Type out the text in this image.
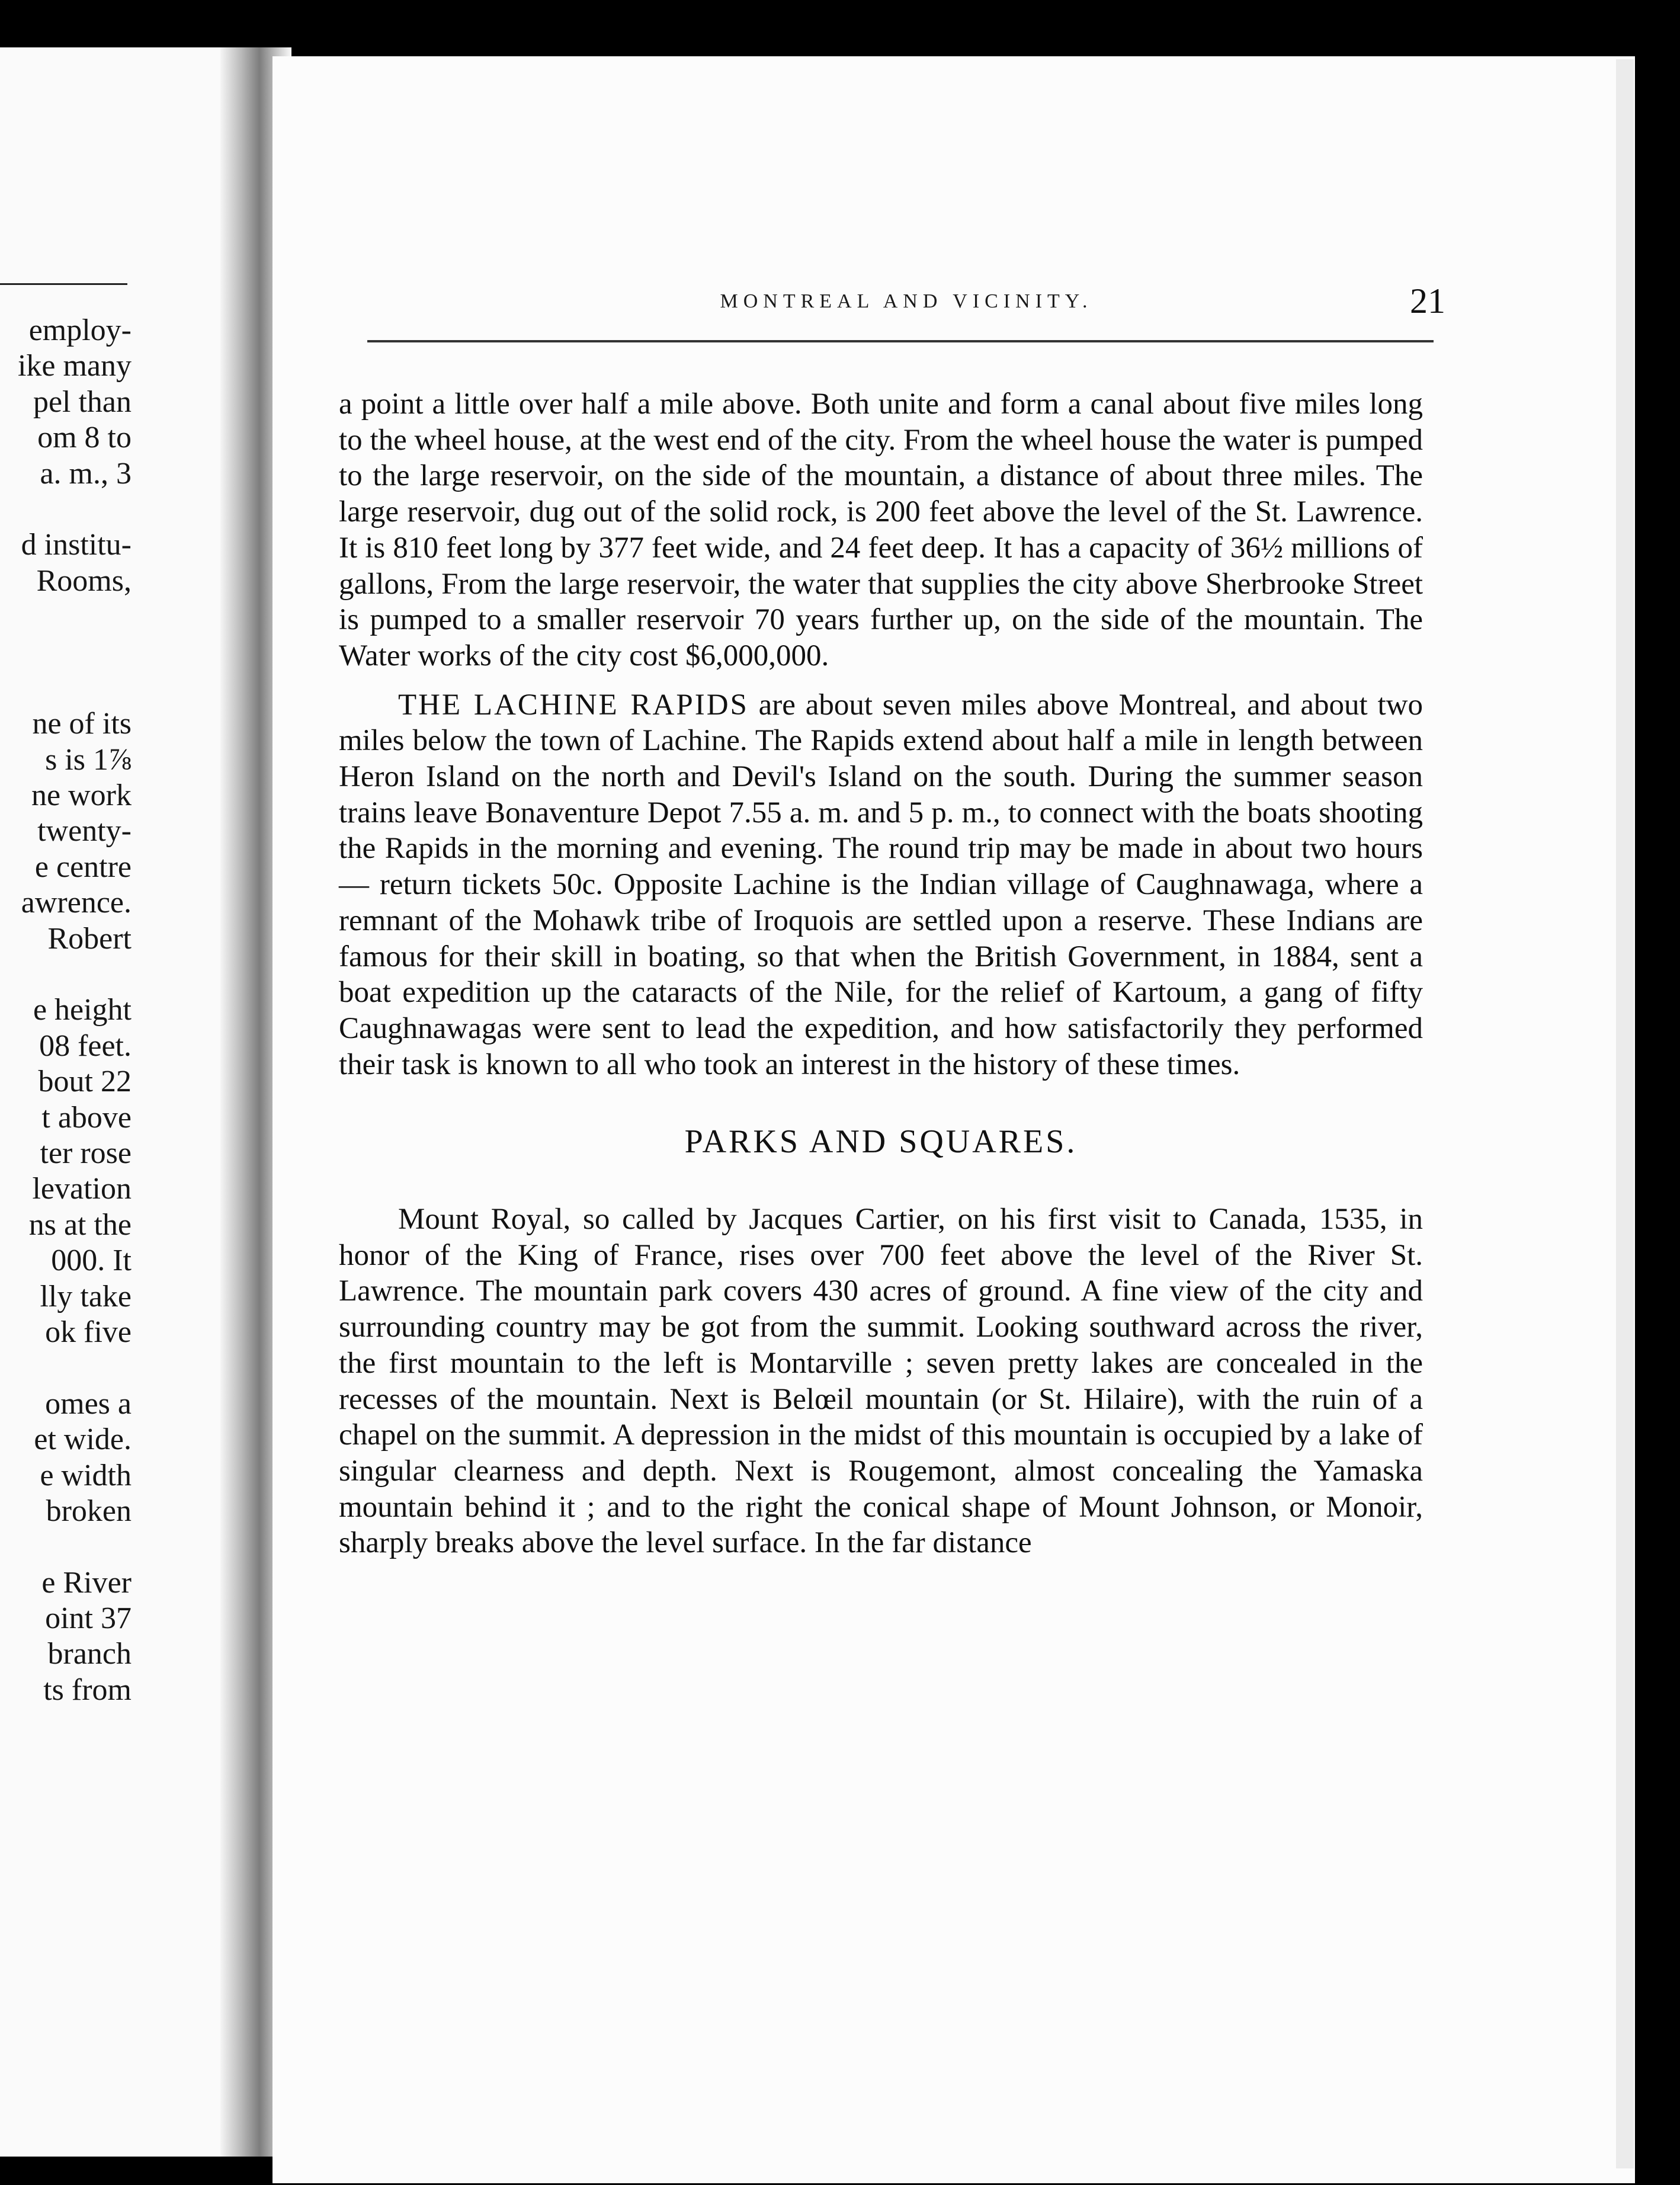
employ-
ike many
pel than
om 8 to
a. m., 3
d institu-
Rooms,
ne of its
s is 1⅞
ne work
twenty-
e centre
awrence.
Robert
e height
08 feet.
bout 22
t above
ter rose
levation
ns at the
000. It
lly take
ok five
omes a
et wide.
e width
broken
e River
oint 37
branch
ts from
MONTREAL AND VICINITY.	21

a point a little over half a mile above. Both unite and form a canal about five miles long to the wheel house, at the west end of the city. From the wheel house the water is pumped to the large reservoir, on the side of the mountain, a distance of about three miles. The large reservoir, dug out of the solid rock, is 200 feet above the level of the St. Lawrence. It is 810 feet long by 377 feet wide, and 24 feet deep. It has a capacity of 36½ millions of gallons, From the large reservoir, the water that supplies the city above Sherbrooke Street is pumped to a smaller reservoir 70 years further up, on the side of the mountain. The Water works of the city cost $6,000,000.

THE LACHINE RAPIDS are about seven miles above Montreal, and about two miles below the town of Lachine. The Rapids extend about half a mile in length between Heron Island on the north and Devil's Island on the south. During the summer season trains leave Bonaventure Depot 7.55 a. m. and 5 p. m., to connect with the boats shooting the Rapids in the morning and evening. The round trip may be made in about two hours — return tickets 50c. Opposite Lachine is the Indian village of Caughnawaga, where a remnant of the Mohawk tribe of Iroquois are settled upon a reserve. These Indians are famous for their skill in boating, so that when the British Government, in 1884, sent a boat expedition up the cataracts of the Nile, for the relief of Kartoum, a gang of fifty Caughnawagas were sent to lead the expedition, and how satisfactorily they performed their task is known to all who took an interest in the history of these times.

PARKS AND SQUARES.

Mount Royal, so called by Jacques Cartier, on his first visit to Canada, 1535, in honor of the King of France, rises over 700 feet above the level of the River St. Lawrence. The mountain park covers 430 acres of ground. A fine view of the city and surrounding country may be got from the summit. Looking southward across the river, the first mountain to the left is Montarville ; seven pretty lakes are concealed in the recesses of the mountain. Next is Belœil mountain (or St. Hilaire), with the ruin of a chapel on the summit. A depression in the midst of this mountain is occupied by a lake of singular clearness and depth. Next is Rougemont, almost concealing the Yamaska mountain behind it ; and to the right the conical shape of Mount Johnson, or Monoir, sharply breaks above the level surface. In the far distance
